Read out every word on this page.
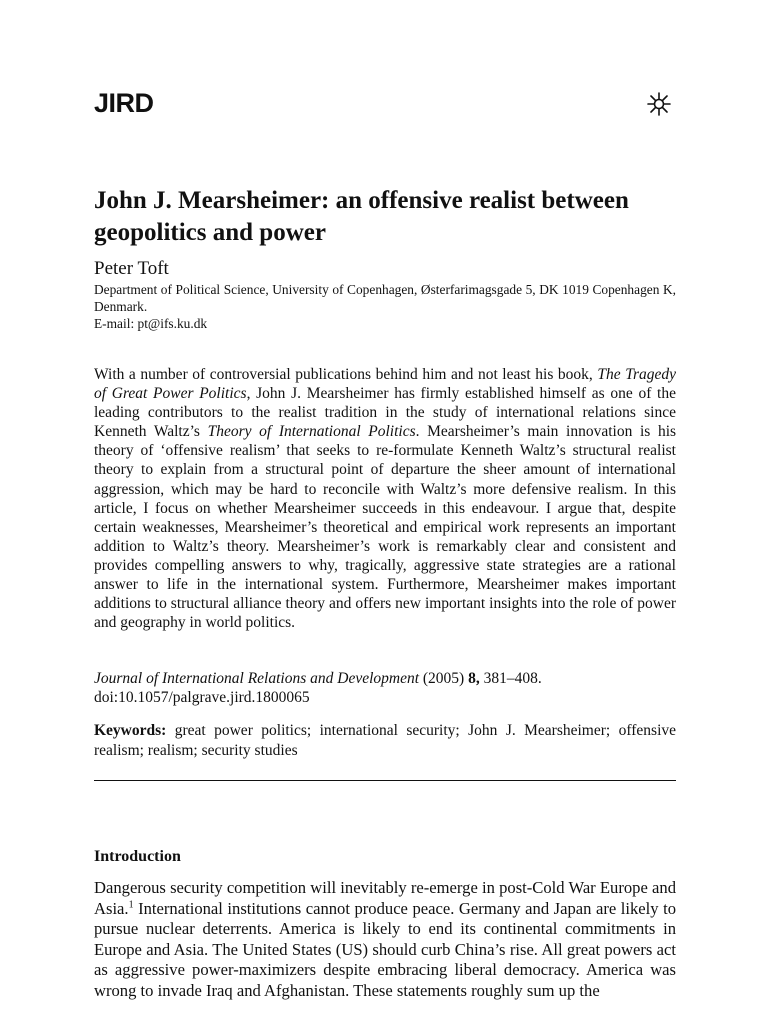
JIRD
John J. Mearsheimer: an offensive realist between geopolitics and power
Peter Toft
Department of Political Science, University of Copenhagen, Østerfarimagsgade 5, DK 1019 Copenhagen K, Denmark.
E-mail: pt@ifs.ku.dk

With a number of controversial publications behind him and not least his book, The Tragedy of Great Power Politics, John J. Mearsheimer has firmly established himself as one of the leading contributors to the realist tradition in the study of international relations since Kenneth Waltz’s Theory of International Politics. Mearsheimer’s main innovation is his theory of ‘offensive realism’ that seeks to re-formulate Kenneth Waltz’s structural realist theory to explain from a structural point of departure the sheer amount of international aggression, which may be hard to reconcile with Waltz’s more defensive realism. In this article, I focus on whether Mearsheimer succeeds in this endeavour. I argue that, despite certain weaknesses, Mearsheimer’s theoretical and empirical work represents an important addition to Waltz’s theory. Mearsheimer’s work is remarkably clear and consistent and provides compelling answers to why, tragically, aggressive state strategies are a rational answer to life in the international system. Furthermore, Mearsheimer makes important additions to structural alliance theory and offers new important insights into the role of power and geography in world politics.

Journal of International Relations and Development (2005) 8, 381–408.
doi:10.1057/palgrave.jird.1800065
Keywords: great power politics; international security; John J. Mearsheimer; offensive realism; realism; security studies
Introduction

Dangerous security competition will inevitably re-emerge in post-Cold War Europe and Asia.$^1$ International institutions cannot produce peace. Germany and Japan are likely to pursue nuclear deterrents. America is likely to end its continental commitments in Europe and Asia. The United States (US) should curb China’s rise. All great powers act as aggressive power-maximizers despite embracing liberal democracy. America was wrong to invade Iraq and Afghanistan. These statements roughly sum up the
